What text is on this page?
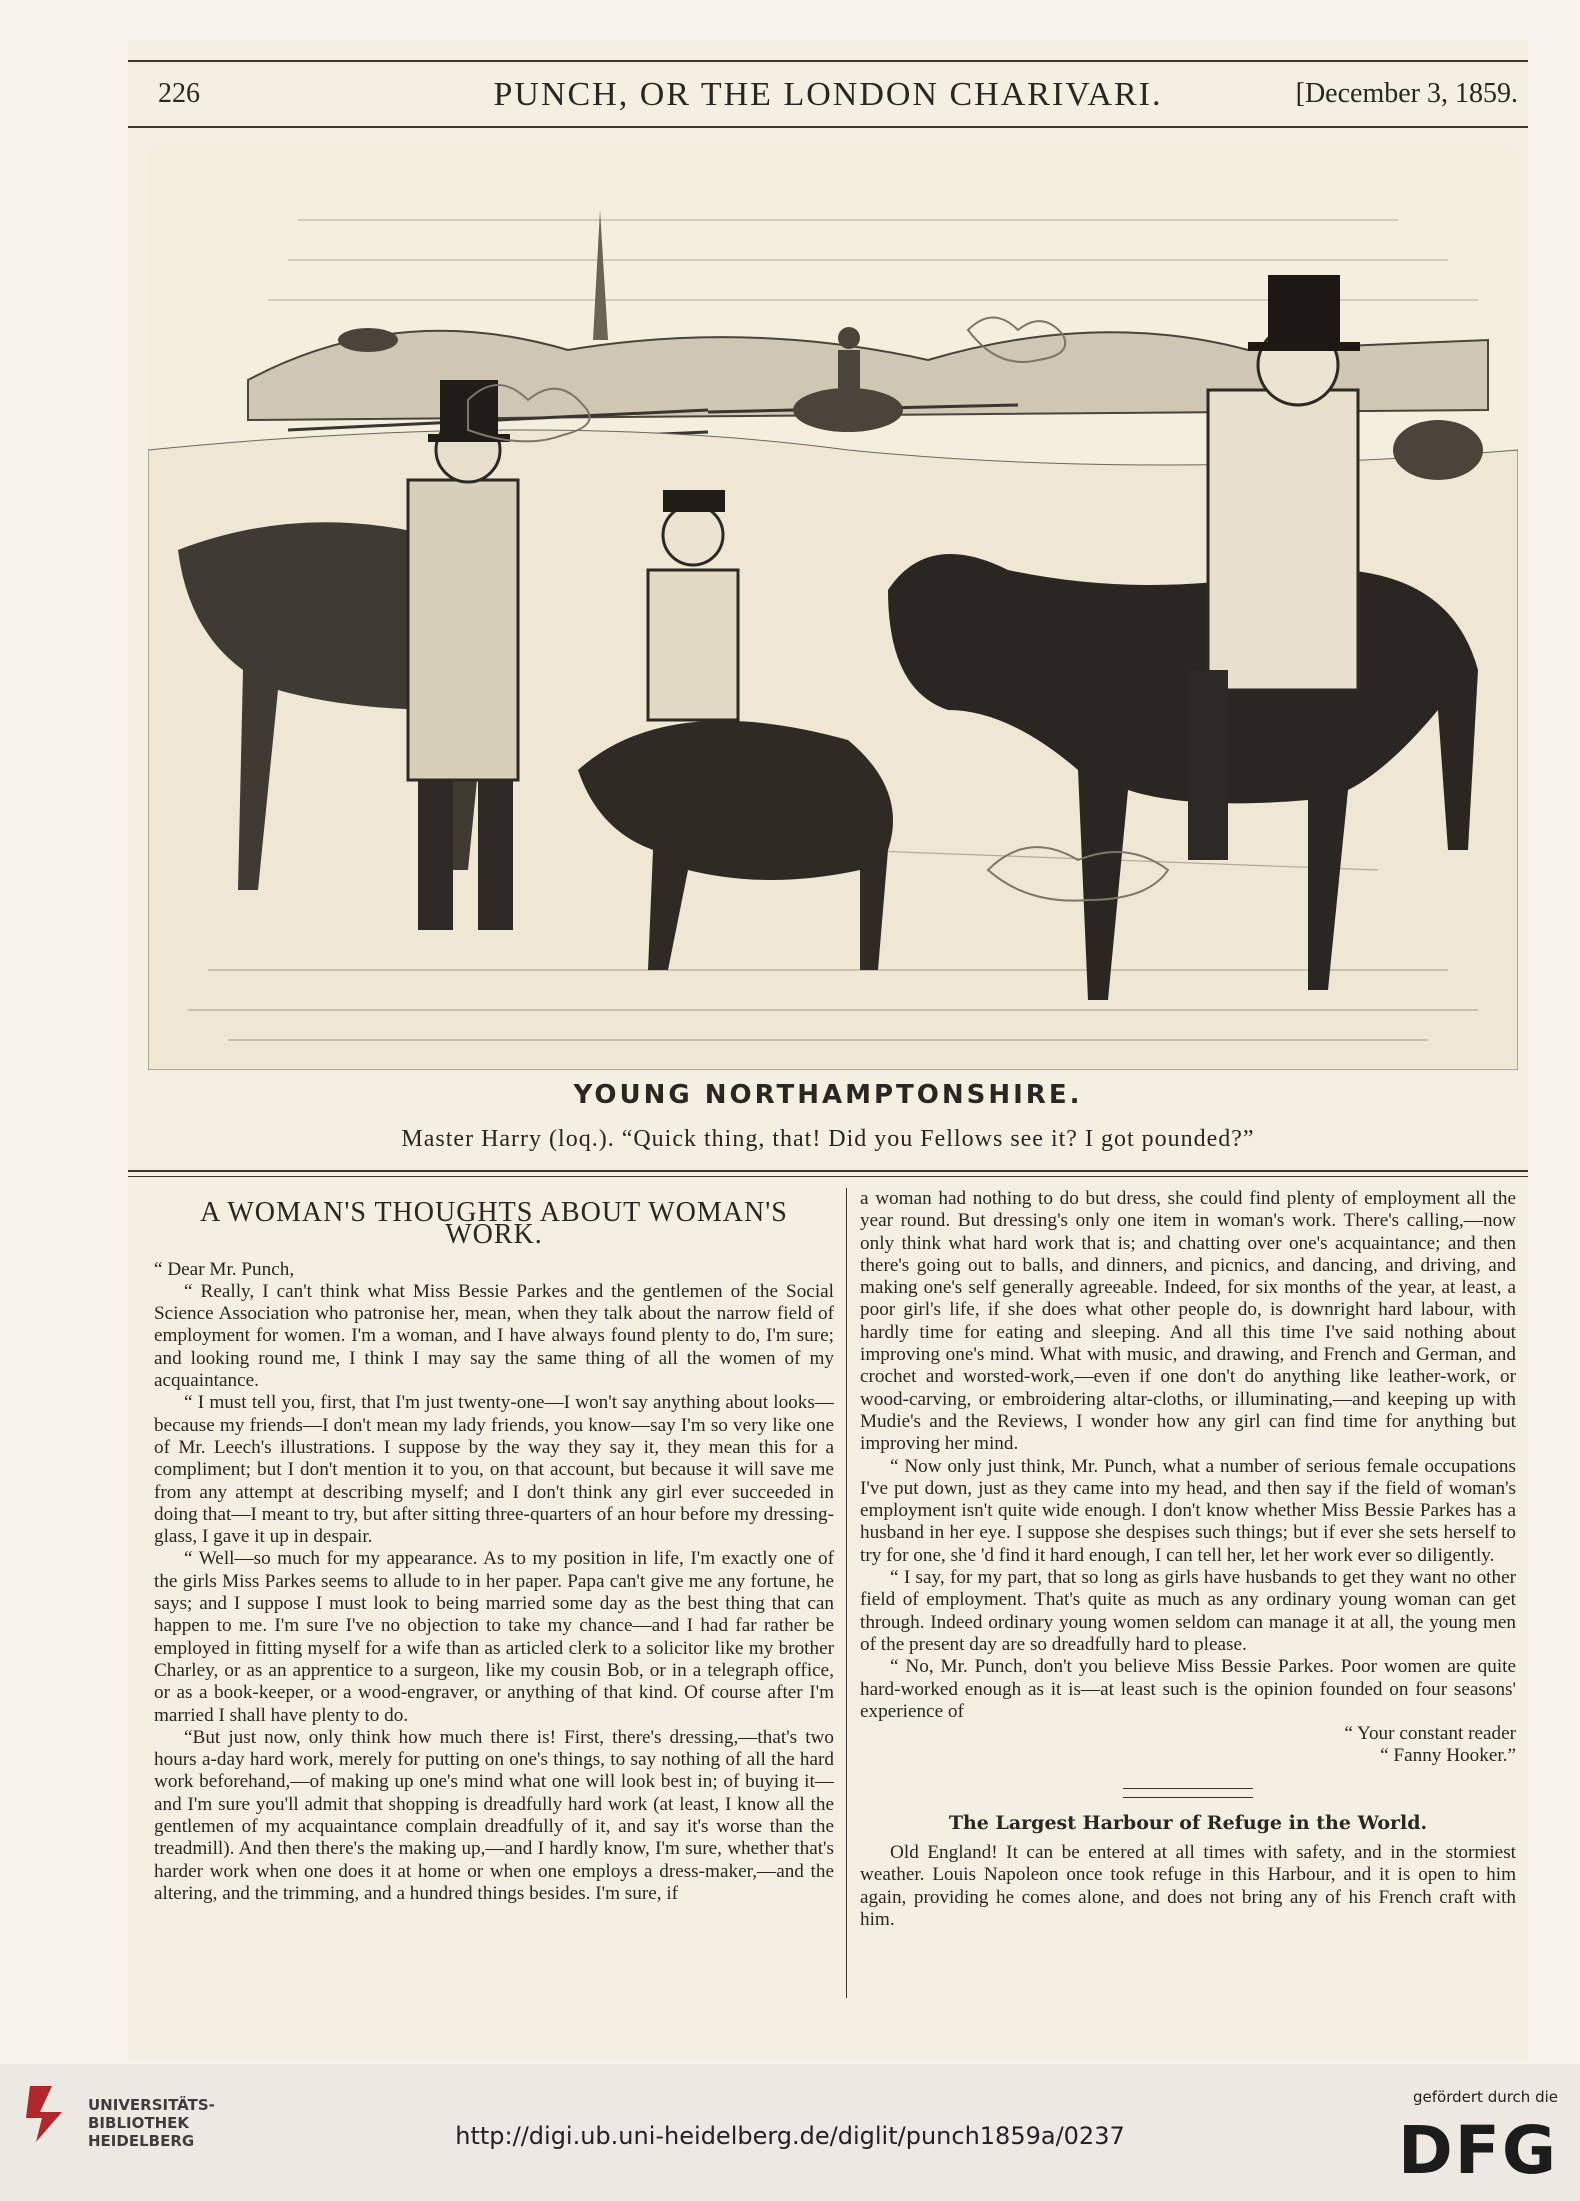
226	PUNCH, OR THE LONDON CHARIVARI.	[December 3, 1859.
YOUNG NORTHAMPTONSHIRE.
Master Harry (loq.). “Quick thing, that! Did you Fellows see it? I got pounded?”
A WOMAN'S THOUGHTS ABOUT WOMAN'S WORK.

“ Dear Mr. Punch,

“ Really, I can't think what Miss Bessie Parkes and the gentlemen of the Social Science Association who patronise her, mean, when they talk about the narrow field of employment for women. I'm a woman, and I have always found plenty to do, I'm sure; and looking round me, I think I may say the same thing of all the women of my acquaintance.

“ I must tell you, first, that I'm just twenty-one—I won't say anything about looks—because my friends—I don't mean my lady friends, you know—say I'm so very like one of Mr. Leech's illustrations. I suppose by the way they say it, they mean this for a compliment; but I don't mention it to you, on that account, but because it will save me from any attempt at describing myself; and I don't think any girl ever succeeded in doing that—I meant to try, but after sitting three-quarters of an hour before my dressing-glass, I gave it up in despair.

“ Well—so much for my appearance. As to my position in life, I'm exactly one of the girls Miss Parkes seems to allude to in her paper. Papa can't give me any fortune, he says; and I suppose I must look to being married some day as the best thing that can happen to me. I'm sure I've no objection to take my chance—and I had far rather be employed in fitting myself for a wife than as articled clerk to a solicitor like my brother Charley, or as an apprentice to a surgeon, like my cousin Bob, or in a telegraph office, or as a book-keeper, or a wood-engraver, or anything of that kind. Of course after I'm married I shall have plenty to do.

“But just now, only think how much there is! First, there's dressing,—that's two hours a-day hard work, merely for putting on one's things, to say nothing of all the hard work beforehand,—of making up one's mind what one will look best in; of buying it—and I'm sure you'll admit that shopping is dreadfully hard work (at least, I know all the gentlemen of my acquaintance complain dreadfully of it, and say it's worse than the treadmill). And then there's the making up,—and I hardly know, I'm sure, whether that's harder work when one does it at home or when one employs a dress-maker,—and the altering, and the trimming, and a hundred things besides. I'm sure, if

a woman had nothing to do but dress, she could find plenty of employment all the year round. But dressing's only one item in woman's work. There's calling,—now only think what hard work that is; and chatting over one's acquaintance; and then there's going out to balls, and dinners, and picnics, and dancing, and driving, and making one's self generally agreeable. Indeed, for six months of the year, at least, a poor girl's life, if she does what other people do, is downright hard labour, with hardly time for eating and sleeping. And all this time I've said nothing about improving one's mind. What with music, and drawing, and French and German, and crochet and worsted-work,—even if one don't do anything like leather-work, or wood-carving, or embroidering altar-cloths, or illuminating,—and keeping up with Mudie's and the Reviews, I wonder how any girl can find time for anything but improving her mind.

“ Now only just think, Mr. Punch, what a number of serious female occupations I've put down, just as they came into my head, and then say if the field of woman's employment isn't quite wide enough. I don't know whether Miss Bessie Parkes has a husband in her eye. I suppose she despises such things; but if ever she sets herself to try for one, she 'd find it hard enough, I can tell her, let her work ever so diligently.

“ I say, for my part, that so long as girls have husbands to get they want no other field of employment. That's quite as much as any ordinary young woman can get through. Indeed ordinary young women seldom can manage it at all, the young men of the present day are so dreadfully hard to please.

“ No, Mr. Punch, don't you believe Miss Bessie Parkes. Poor women are quite hard-worked enough as it is—at least such is the opinion founded on four seasons' experience of

“ Your constant reader

“ Fanny Hooker.”

The Largest Harbour of Refuge in the World.

Old England! It can be entered at all times with safety, and in the stormiest weather. Louis Napoleon once took refuge in this Harbour, and it is open to him again, providing he comes alone, and does not bring any of his French craft with him.

UNIVERSITÄTS-
BIBLIOTHEK
HEIDELBERG	http://digi.ub.uni-heidelberg.de/diglit/punch1859a/0237
gefördert durch die
DFG
